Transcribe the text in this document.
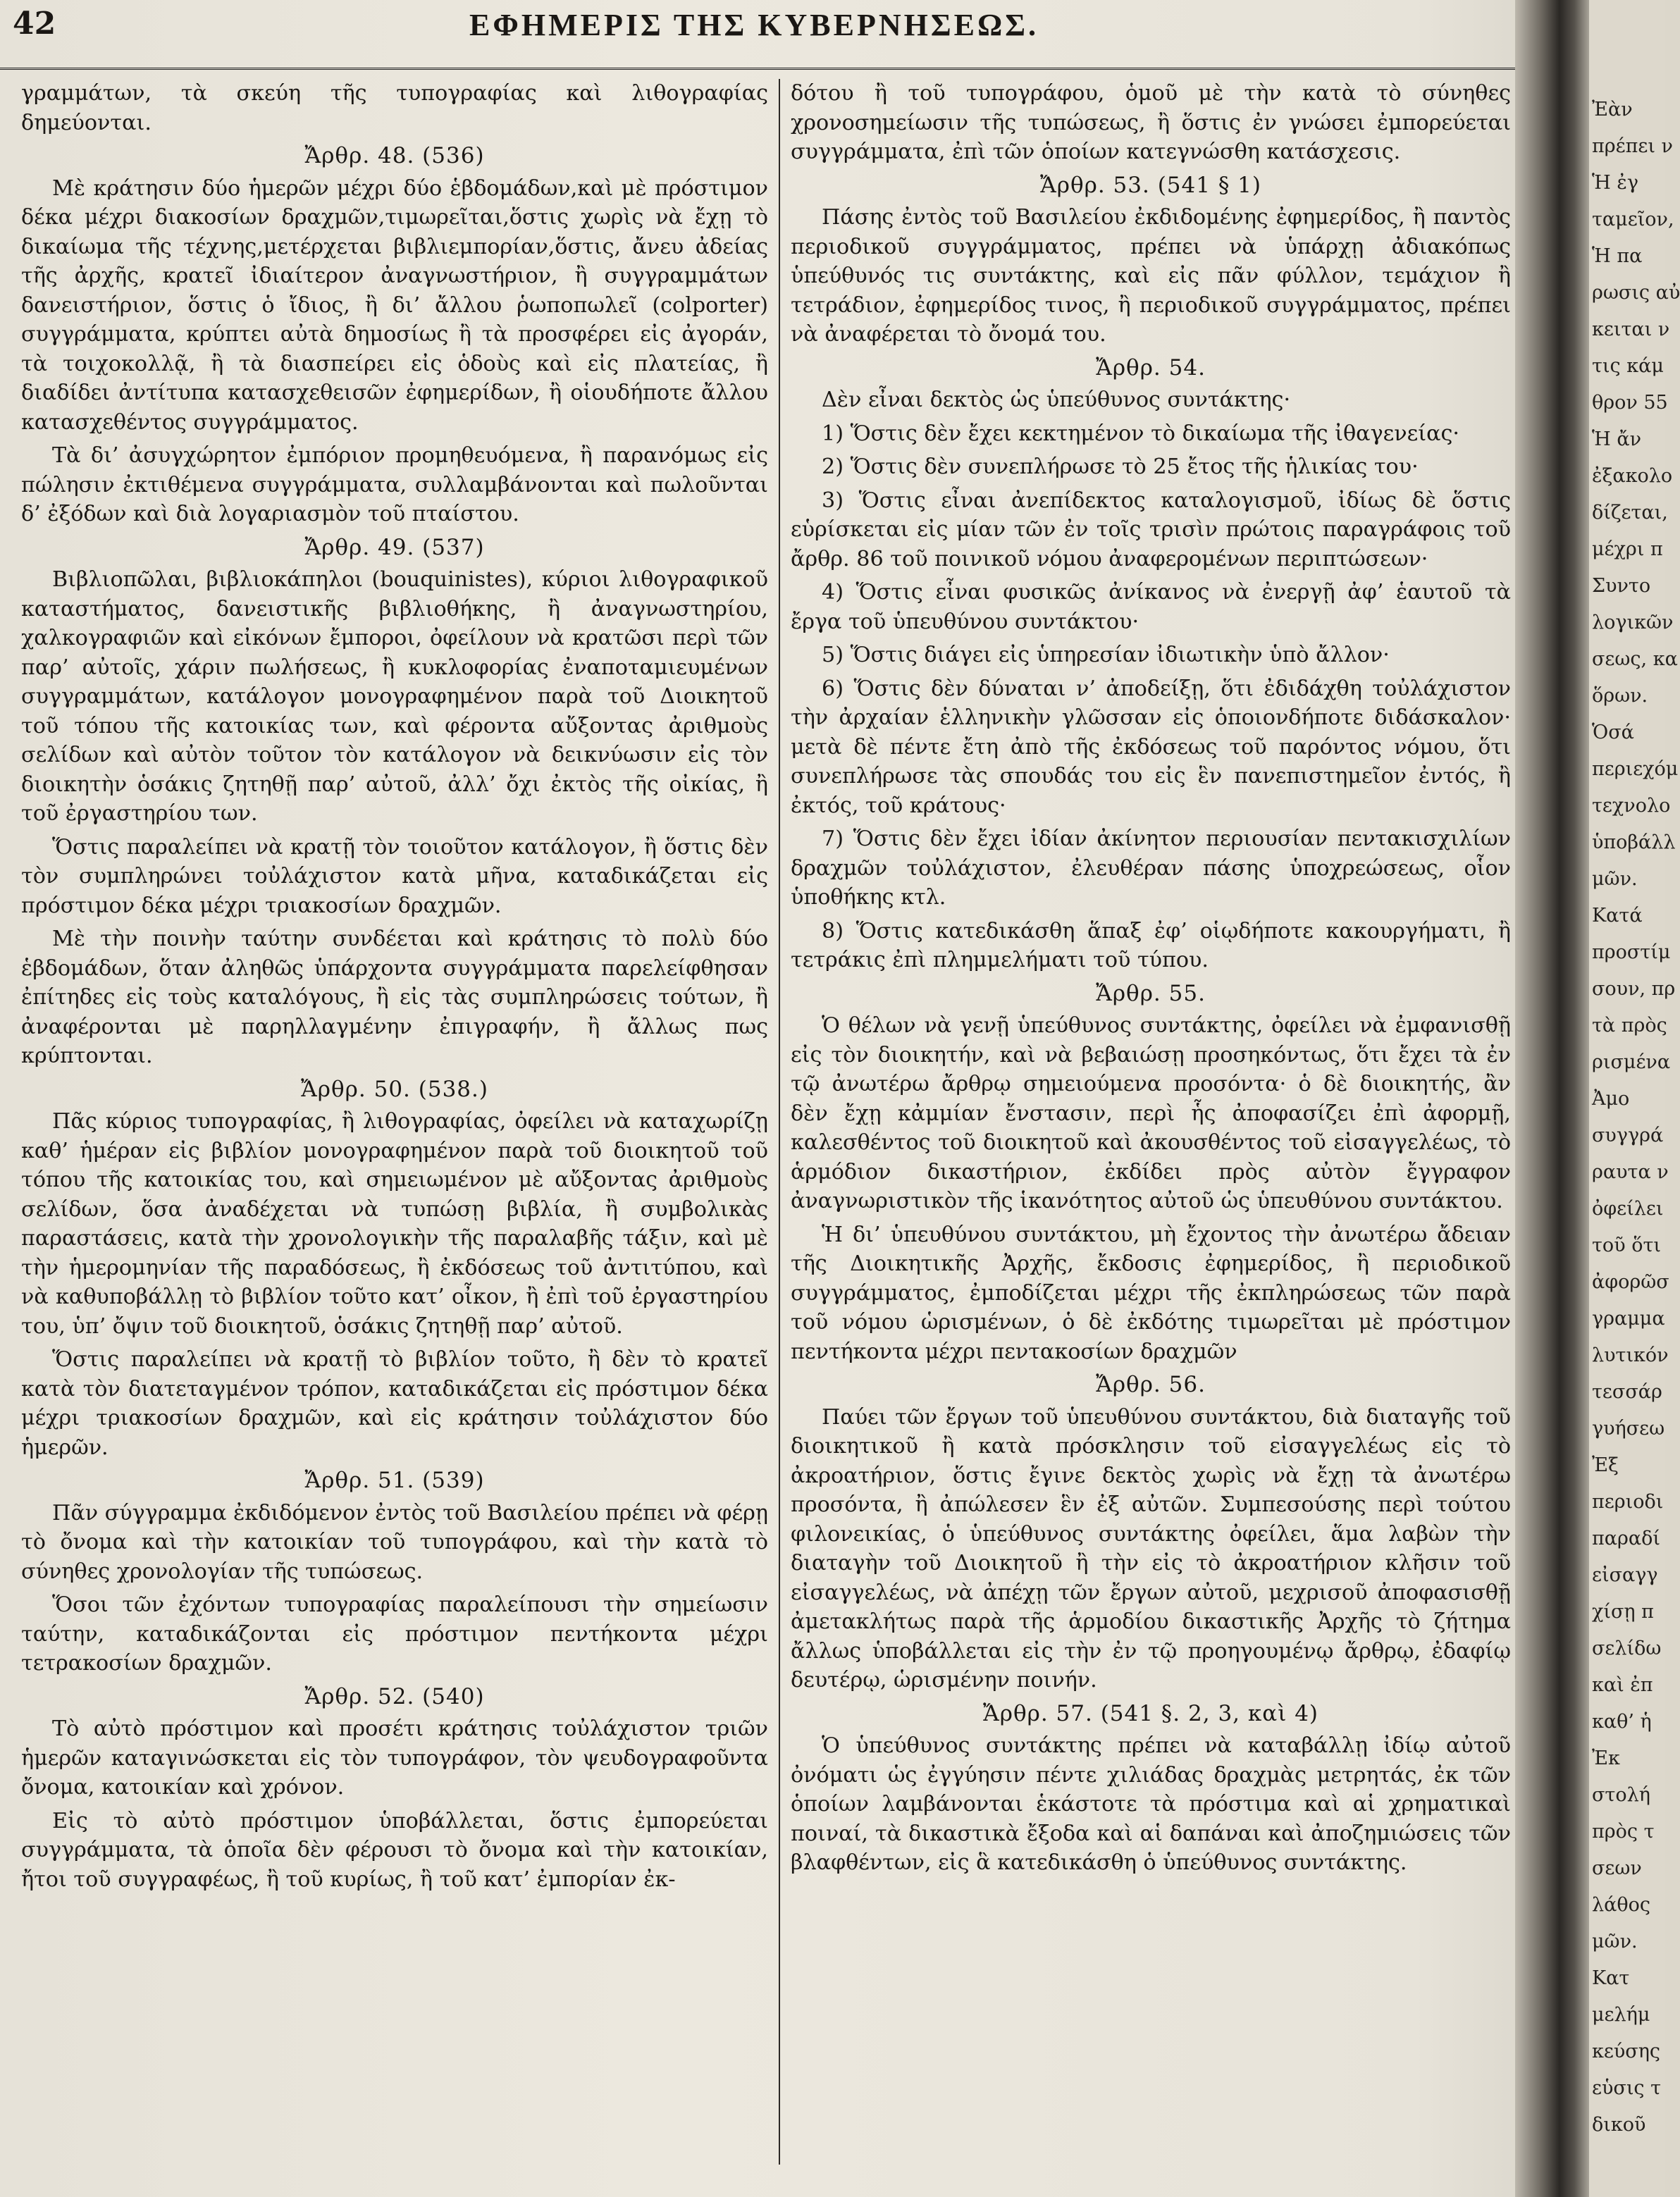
42	ΕΦΗΜΕΡΙΣ ΤΗΣ ΚΥΒΕΡΝΗΣΕΩΣ.

γραμμάτων, τὰ σκεύη τῆς τυπογραφίας καὶ λιθογραφίας δημεύονται.

Ἄρθρ. 48. (536)

Μὲ κράτησιν δύο ἡμερῶν μέχρι δύο ἑβδομάδων,καὶ μὲ πρόστιμον δέκα μέχρι διακοσίων δραχμῶν,τιμωρεῖται,ὅστις χωρὶς νὰ ἔχῃ τὸ δικαίωμα τῆς τέχνης,μετέρχεται βιβλιεμπορίαν,ὅστις, ἄνευ ἀδείας τῆς ἀρχῆς, κρατεῖ ἰδιαίτερον ἀναγνωστήριον, ἢ συγγραμμάτων δανειστήριον, ὅστις ὁ ἴδιος, ἢ δι’ ἄλλου ῥωποπωλεῖ (colporter) συγγράμματα, κρύπτει αὐτὰ δημοσίως ἢ τὰ προσφέρει εἰς ἀγοράν, τὰ τοιχοκολλᾷ, ἢ τὰ διασπείρει εἰς ὁδοὺς καὶ εἰς πλατείας, ἢ διαδίδει ἀντίτυπα κατασχεθεισῶν ἐφημερίδων, ἢ οἱουδήποτε ἄλλου κατασχεθέντος συγγράμματος.

Τὰ δι’ ἀσυγχώρητον ἐμπόριον προμηθευόμενα, ἢ παρανόμως εἰς πώλησιν ἐκτιθέμενα συγγράμματα, συλλαμβάνονται καὶ πωλοῦνται δ’ ἐξόδων καὶ διὰ λογαριασμὸν τοῦ πταίστου.

Ἄρθρ. 49. (537)

Βιβλιοπῶλαι, βιβλιοκάπηλοι (bouquinistes), κύριοι λιθογραφικοῦ καταστήματος, δανειστικῆς βιβλιοθήκης, ἢ ἀναγνωστηρίου, χαλκογραφιῶν καὶ εἰκόνων ἔμποροι, ὀφείλουν νὰ κρατῶσι περὶ τῶν παρ’ αὐτοῖς, χάριν πωλήσεως, ἢ κυκλοφορίας ἐναποταμιευμένων συγγραμμάτων, κατάλογον μονογραφημένον παρὰ τοῦ Διοικητοῦ τοῦ τόπου τῆς κατοικίας των, καὶ φέροντα αὔξοντας ἀριθμοὺς σελίδων καὶ αὐτὸν τοῦτον τὸν κατάλογον νὰ δεικνύωσιν εἰς τὸν διοικητὴν ὁσάκις ζητηθῇ παρ’ αὐτοῦ, ἀλλ’ ὄχι ἐκτὸς τῆς οἰκίας, ἢ τοῦ ἐργαστηρίου των.

Ὅστις παραλείπει νὰ κρατῇ τὸν τοιοῦτον κατάλογον, ἢ ὅστις δὲν τὸν συμπληρώνει τοὐλάχιστον κατὰ μῆνα, καταδικάζεται εἰς πρόστιμον δέκα μέχρι τριακοσίων δραχμῶν.

Μὲ τὴν ποινὴν ταύτην συνδέεται καὶ κράτησις τὸ πολὺ δύο ἑβδομάδων, ὅταν ἀληθῶς ὑπάρχοντα συγγράμματα παρελείφθησαν ἐπίτηδες εἰς τοὺς καταλόγους, ἢ εἰς τὰς συμπληρώσεις τούτων, ἢ ἀναφέρονται μὲ παρηλλαγμένην ἐπιγραφήν, ἢ ἄλλως πως κρύπτονται.

Ἄρθρ. 50. (538.)

Πᾶς κύριος τυπογραφίας, ἢ λιθογραφίας, ὀφείλει νὰ καταχωρίζῃ καθ’ ἡμέραν εἰς βιβλίον μονογραφημένον παρὰ τοῦ διοικητοῦ τοῦ τόπου τῆς κατοικίας του, καὶ σημειωμένον μὲ αὔξοντας ἀριθμοὺς σελίδων, ὅσα ἀναδέχεται νὰ τυπώσῃ βιβλία, ἢ συμβολικὰς παραστάσεις, κατὰ τὴν χρονολογικὴν τῆς παραλαβῆς τάξιν, καὶ μὲ τὴν ἡμερομηνίαν τῆς παραδόσεως, ἢ ἐκδόσεως τοῦ ἀντιτύπου, καὶ νὰ καθυποβάλλῃ τὸ βιβλίον τοῦτο κατ’ οἶκον, ἢ ἐπὶ τοῦ ἐργαστηρίου του, ὑπ’ ὄψιν τοῦ διοικητοῦ, ὁσάκις ζητηθῇ παρ’ αὐτοῦ.

Ὅστις παραλείπει νὰ κρατῇ τὸ βιβλίον τοῦτο, ἢ δὲν τὸ κρατεῖ κατὰ τὸν διατεταγμένον τρόπον, καταδικάζεται εἰς πρόστιμον δέκα μέχρι τριακοσίων δραχμῶν, καὶ εἰς κράτησιν τοὐλάχιστον δύο ἡμερῶν.

Ἄρθρ. 51. (539)

Πᾶν σύγγραμμα ἐκδιδόμενον ἐντὸς τοῦ Βασιλείου πρέπει νὰ φέρῃ τὸ ὄνομα καὶ τὴν κατοικίαν τοῦ τυπογράφου, καὶ τὴν κατὰ τὸ σύνηθες χρονολογίαν τῆς τυπώσεως.

Ὅσοι τῶν ἐχόντων τυπογραφίας παραλείπουσι τὴν σημείωσιν ταύτην, καταδικάζονται εἰς πρόστιμον πεντήκοντα μέχρι τετρακοσίων δραχμῶν.

Ἄρθρ. 52. (540)

Τὸ αὐτὸ πρόστιμον καὶ προσέτι κράτησις τοὐλάχιστον τριῶν ἡμερῶν καταγινώσκεται εἰς τὸν τυπογράφον, τὸν ψευδογραφοῦντα ὄνομα, κατοικίαν καὶ χρόνον.

Εἰς τὸ αὐτὸ πρόστιμον ὑποβάλλεται, ὅστις ἐμπορεύεται συγγράμματα, τὰ ὁποῖα δὲν φέρουσι τὸ ὄνομα καὶ τὴν κατοικίαν, ἤτοι τοῦ συγγραφέως, ἢ τοῦ κυρίως, ἢ τοῦ κατ’ ἐμπορίαν ἐκ-

δότου ἢ τοῦ τυπογράφου, ὁμοῦ μὲ τὴν κατὰ τὸ σύνηθες χρονοσημείωσιν τῆς τυπώσεως, ἢ ὅστις ἐν γνώσει ἐμπορεύεται συγγράμματα, ἐπὶ τῶν ὁποίων κατεγνώσθη κατάσχεσις.

Ἄρθρ. 53. (541 § 1)

Πάσης ἐντὸς τοῦ Βασιλείου ἐκδιδομένης ἐφημερίδος, ἢ παντὸς περιοδικοῦ συγγράμματος, πρέπει νὰ ὑπάρχῃ ἀδιακόπως ὑπεύθυνός τις συντάκτης, καὶ εἰς πᾶν φύλλον, τεμάχιον ἢ τετράδιον, ἐφημερίδος τινος, ἢ περιοδικοῦ συγγράμματος, πρέπει νὰ ἀναφέρεται τὸ ὄνομά του.

Ἄρθρ. 54.

Δὲν εἶναι δεκτὸς ὡς ὑπεύθυνος συντάκτης·

1) Ὅστις δὲν ἔχει κεκτημένον τὸ δικαίωμα τῆς ἰθαγενείας·

2) Ὅστις δὲν συνεπλήρωσε τὸ 25 ἔτος τῆς ἡλικίας του·

3) Ὅστις εἶναι ἀνεπίδεκτος καταλογισμοῦ, ἰδίως δὲ ὅστις εὑρίσκεται εἰς μίαν τῶν ἐν τοῖς τρισὶν πρώτοις παραγράφοις τοῦ ἄρθρ. 86 τοῦ ποινικοῦ νόμου ἀναφερομένων περιπτώσεων·

4) Ὅστις εἶναι φυσικῶς ἀνίκανος νὰ ἐνεργῇ ἀφ’ ἑαυτοῦ τὰ ἔργα τοῦ ὑπευθύνου συντάκτου·

5) Ὅστις διάγει εἰς ὑπηρεσίαν ἰδιωτικὴν ὑπὸ ἄλλον·

6) Ὅστις δὲν δύναται ν’ ἀποδείξῃ, ὅτι ἐδιδάχθη τοὐλάχιστον τὴν ἀρχαίαν ἑλληνικὴν γλῶσσαν εἰς ὁποιονδήποτε διδάσκαλον· μετὰ δὲ πέντε ἔτη ἀπὸ τῆς ἐκδόσεως τοῦ παρόντος νόμου, ὅτι συνεπλήρωσε τὰς σπουδάς του εἰς ἓν πανεπιστημεῖον ἐντός, ἢ ἐκτός, τοῦ κράτους·

7) Ὅστις δὲν ἔχει ἰδίαν ἀκίνητον περιουσίαν πεντακισχιλίων δραχμῶν τοὐλάχιστον, ἐλευθέραν πάσης ὑποχρεώσεως, οἷον ὑποθήκης κτλ.

8) Ὅστις κατεδικάσθη ἅπαξ ἐφ’ οἱῳδήποτε κακουργήματι, ἢ τετράκις ἐπὶ πλημμελήματι τοῦ τύπου.

Ἄρθρ. 55.

Ὁ θέλων νὰ γενῇ ὑπεύθυνος συντάκτης, ὀφείλει νὰ ἐμφανισθῇ εἰς τὸν διοικητήν, καὶ νὰ βεβαιώσῃ προσηκόντως, ὅτι ἔχει τὰ ἐν τῷ ἀνωτέρω ἄρθρῳ σημειούμενα προσόντα· ὁ δὲ διοικητής, ἂν δὲν ἔχῃ κἀμμίαν ἔνστασιν, περὶ ἧς ἀποφασίζει ἐπὶ ἀφορμῇ, καλεσθέντος τοῦ διοικητοῦ καὶ ἀκουσθέντος τοῦ εἰσαγγελέως, τὸ ἁρμόδιον δικαστήριον, ἐκδίδει πρὸς αὐτὸν ἔγγραφον ἀναγνωριστικὸν τῆς ἱκανότητος αὐτοῦ ὡς ὑπευθύνου συντάκτου.

Ἡ δι’ ὑπευθύνου συντάκτου, μὴ ἔχοντος τὴν ἀνωτέρω ἄδειαν τῆς Διοικητικῆς Ἀρχῆς, ἔκδοσις ἐφημερίδος, ἢ περιοδικοῦ συγγράμματος, ἐμποδίζεται μέχρι τῆς ἐκπληρώσεως τῶν παρὰ τοῦ νόμου ὡρισμένων, ὁ δὲ ἐκδότης τιμωρεῖται μὲ πρόστιμον πεντήκοντα μέχρι πεντακοσίων δραχμῶν

Ἄρθρ. 56.

Παύει τῶν ἔργων τοῦ ὑπευθύνου συντάκτου, διὰ διαταγῆς τοῦ διοικητικοῦ ἢ κατὰ πρόσκλησιν τοῦ εἰσαγγελέως εἰς τὸ ἀκροατήριον, ὅστις ἔγινε δεκτὸς χωρὶς νὰ ἔχῃ τὰ ἀνωτέρω προσόντα, ἢ ἀπώλεσεν ἓν ἐξ αὐτῶν. Συμπεσούσης περὶ τούτου φιλονεικίας, ὁ ὑπεύθυνος συντάκτης ὀφείλει, ἅμα λαβὼν τὴν διαταγὴν τοῦ Διοικητοῦ ἢ τὴν εἰς τὸ ἀκροατήριον κλῆσιν τοῦ εἰσαγγελέως, νὰ ἀπέχῃ τῶν ἔργων αὐτοῦ, μεχρισοῦ ἀποφασισθῇ ἀμετακλήτως παρὰ τῆς ἁρμοδίου δικαστικῆς Ἀρχῆς τὸ ζήτημα ἄλλως ὑποβάλλεται εἰς τὴν ἐν τῷ προηγουμένῳ ἄρθρῳ, ἐδαφίῳ δευτέρῳ, ὡρισμένην ποινήν.

Ἄρθρ. 57. (541 §. 2, 3, καὶ 4)

Ὁ ὑπεύθυνος συντάκτης πρέπει νὰ καταβάλλῃ ἰδίῳ αὐτοῦ ὀνόματι ὡς ἐγγύησιν πέντε χιλιάδας δραχμὰς μετρητάς, ἐκ τῶν ὁποίων λαμβάνονται ἑκάστοτε τὰ πρόστιμα καὶ αἱ χρηματικαὶ ποιναί, τὰ δικαστικὰ ἔξοδα καὶ αἱ δαπάναι καὶ ἀποζημιώσεις τῶν βλαφθέντων, εἰς ἃ κατεδικάσθη ὁ ὑπεύθυνος συντάκτης.

Ἐὰν
πρέπει ν
Ἡ ἐγ
ταμεῖον,
Ἡ πα
ρωσις αὐ
κειται ν
τις κάμ
θρον 55
Ἡ ἄν
ἐξακολο
δίζεται,
μέχρι π
Συντο
λογικῶν
σεως, κα
ὅρων.
Ὁσά
περιεχόμ
τεχνολο
ὑποβάλλ
μῶν.
Κατά
προστίμ
σουν, πρ
τὰ πρὸς
ρισμένα
Ἀμο
συγγρά
ραυτα ν
ὀφείλει
τοῦ ὅτι
ἀφορῶσ
γραμμα
λυτικόν
τεσσάρ
γυήσεω
Ἐξ
περιοδι
παραδί
εἰσαγγ
χίσῃ π
σελίδω
καὶ ἐπ
καθ’ ἡ
Ἐκ
στολή
πρὸς τ
σεων
λάθος
μῶν.
Κατ
μελήμ
κεύσης
εὑσις τ
δικοῦ
